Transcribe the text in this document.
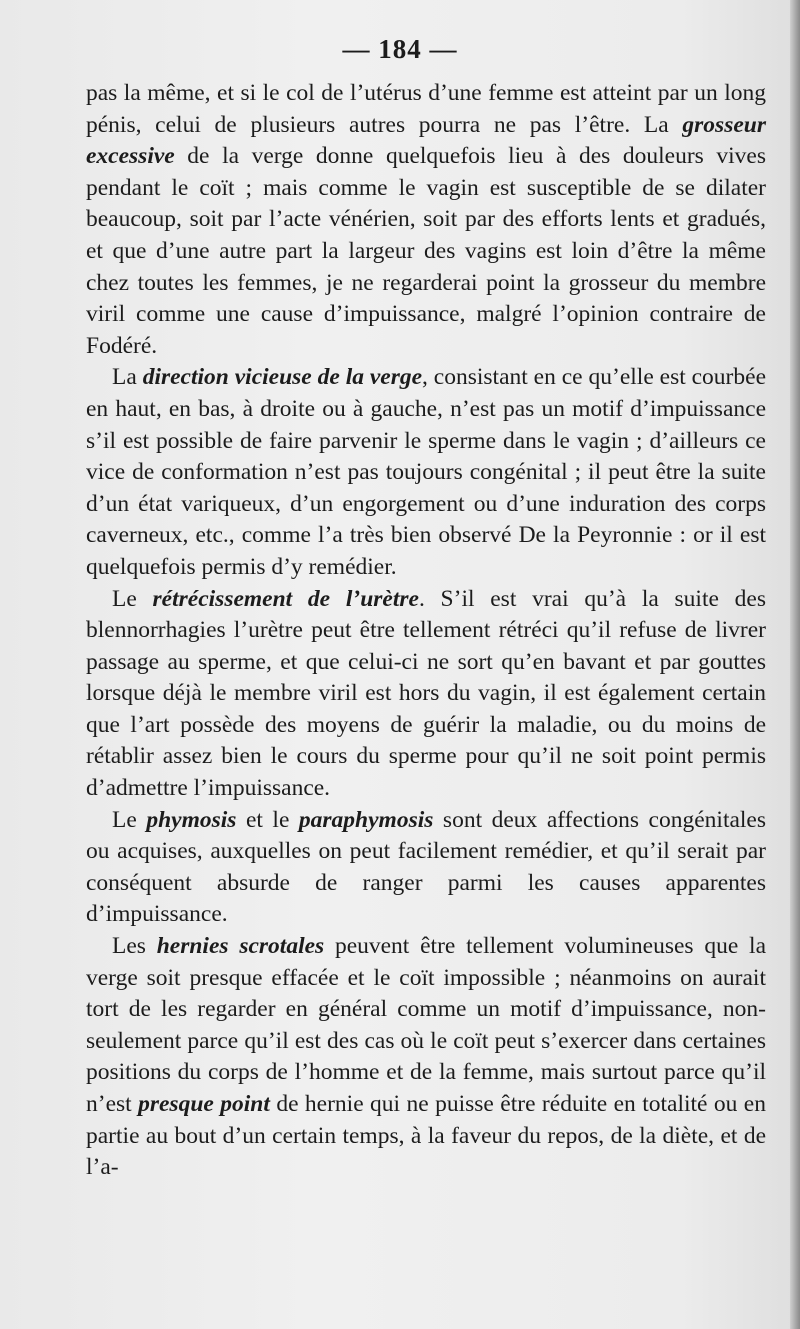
— 184 —

pas la même, et si le col de l’utérus d’une femme est atteint par un long pénis, celui de plusieurs autres pourra ne pas l’être. La grosseur excessive de la verge donne quelquefois lieu à des douleurs vives pendant le coït ; mais comme le vagin est susceptible de se dilater beaucoup, soit par l’acte vénérien, soit par des efforts lents et gradués, et que d’une autre part la largeur des vagins est loin d’être la même chez toutes les femmes, je ne regarderai point la grosseur du membre viril comme une cause d’impuissance, malgré l’opinion contraire de Fodéré.

La direction vicieuse de la verge, consistant en ce qu’elle est courbée en haut, en bas, à droite ou à gauche, n’est pas un motif d’impuissance s’il est possible de faire parvenir le sperme dans le vagin ; d’ailleurs ce vice de conformation n’est pas toujours congénital ; il peut être la suite d’un état variqueux, d’un engorgement ou d’une induration des corps caverneux, etc., comme l’a très bien observé De la Peyronnie : or il est quelquefois permis d’y remédier.

Le rétrécissement de l’urètre. S’il est vrai qu’à la suite des blennorrhagies l’urètre peut être tellement rétréci qu’il refuse de livrer passage au sperme, et que celui-ci ne sort qu’en bavant et par gouttes lorsque déjà le membre viril est hors du vagin, il est également certain que l’art possède des moyens de guérir la maladie, ou du moins de rétablir assez bien le cours du sperme pour qu’il ne soit point permis d’admettre l’impuissance.

Le phymosis et le paraphymosis sont deux affections congénitales ou acquises, auxquelles on peut facilement remédier, et qu’il serait par conséquent absurde de ranger parmi les causes apparentes d’impuissance.

Les hernies scrotales peuvent être tellement volumineuses que la verge soit presque effacée et le coït impossible ; néanmoins on aurait tort de les regarder en général comme un motif d’impuissance, non-seulement parce qu’il est des cas où le coït peut s’exercer dans certaines positions du corps de l’homme et de la femme, mais surtout parce qu’il n’est presque point de hernie qui ne puisse être réduite en totalité ou en partie au bout d’un certain temps, à la faveur du repos, de la diète, et de l’a-
